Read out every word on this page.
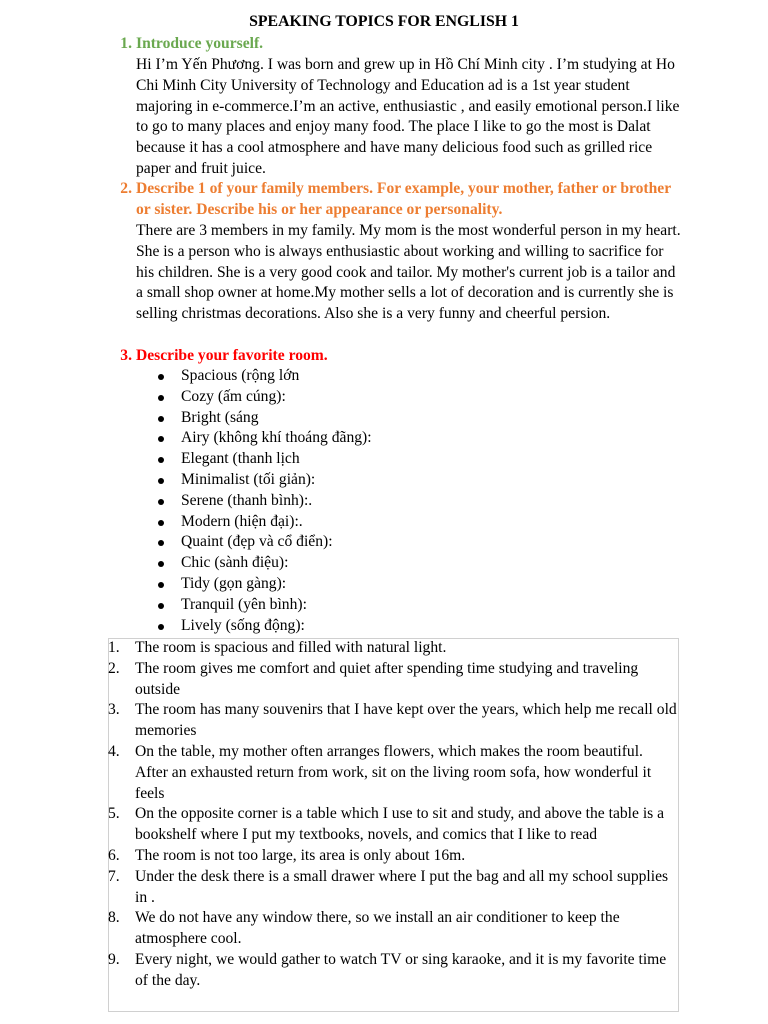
SPEAKING TOPICS FOR ENGLISH 1
1. Introduce yourself.
Hi I’m Yến Phương. I was born and grew up in Hồ Chí Minh city . I’m studying at Ho Chi Minh City University of Technology and Education ad is a 1st year student majoring in e-commerce.I’m an active, enthusiastic , and easily emotional person.I like to go to many places and enjoy many food. The place I like to go the most is Dalat because it has a cool atmosphere and have many delicious food such as grilled rice paper and fruit juice.
2. Describe 1 of your family members. For example, your mother, father or brother or sister. Describe his or her appearance or personality.
There are 3 members in my family. My mom is the most wonderful person in my heart. She is a person who is always enthusiastic about working and willing to sacrifice for his children. She is a very good cook and tailor. My mother's current job is a tailor and a small shop owner at home.My mother sells a lot of decoration and is currently she is selling christmas decorations. Also she is a very funny and cheerful persion.
3. Describe your favorite room.
Spacious (rộng lớn
Cozy (ấm cúng):
Bright (sáng
Airy (không khí thoáng đãng):
Elegant (thanh lịch
Minimalist (tối giản):
Serene (thanh bình):.
Modern (hiện đại):.
Quaint (đẹp và cổ điển):
Chic (sành điệu):
Tidy (gọn gàng):
Tranquil (yên bình):
Lively (sống động):
1. The room is spacious and filled with natural light.
2. The room gives me comfort and quiet after spending time studying and traveling outside
3. The room has many souvenirs that I have kept over the years, which help me recall old memories
4. On the table, my mother often arranges flowers, which makes the room beautiful. After an exhausted return from work, sit on the living room sofa, how wonderful it feels
5. On the opposite corner is a table which I use to sit and study, and above the table is a bookshelf where I put my textbooks, novels, and comics that I like to read
6. The room is not too large, its area is only about 16m.
7. Under the desk there is a small drawer where I put the bag and all my school supplies in .
8. We do not have any window there, so we install an air conditioner to keep the atmosphere cool.
9. Every night, we would gather to watch TV or sing karaoke, and it is my favorite time of the day.
